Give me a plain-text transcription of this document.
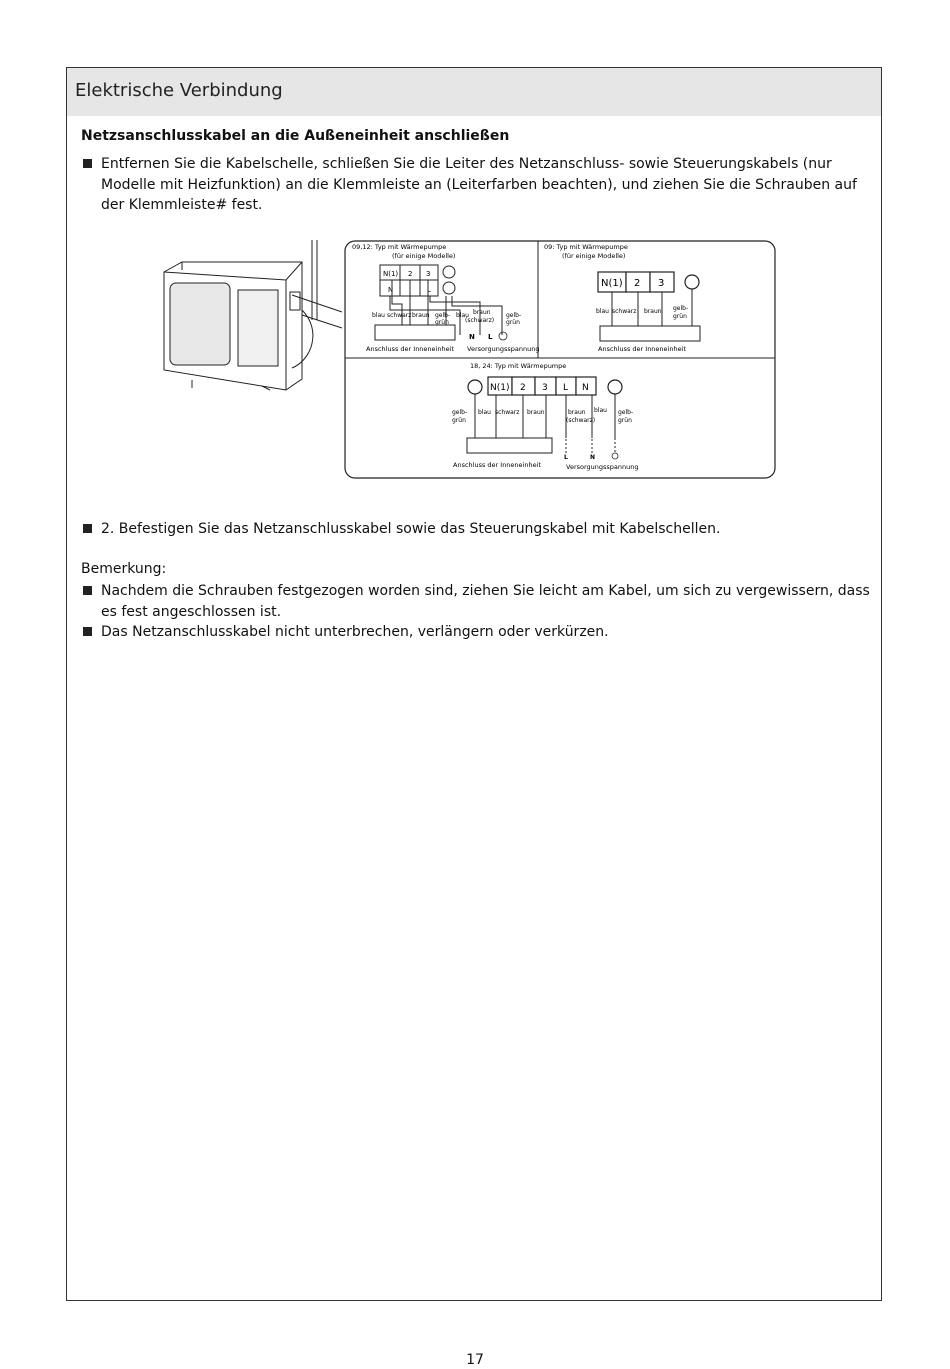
Elektrische Verbindung
Netzsanschlusskabel an die Außeneinheit anschließen
Entfernen Sie die Kabelschelle, schließen Sie die Leiter des Netzanschluss- sowie Steuerungskabels (nur Modelle mit Heizfunktion) an die Klemmleiste an (Leiterfarben beachten), und ziehen Sie die Schrauben auf der Klemmleiste# fest.
09,12: Typ mit Wärmepumpe
(für einige Modelle)
N(1) 2 3
N	L
blau schwarz braun gelb-
grün
blau braun
(schwarz)
gelb-
grün
N L
Anschluss der Inneneinheit Versorgungsspannung
09: Typ mit Wärmepumpe
(für einige Modelle)
N(1) 2 3
blau schwarz braun gelb-
grün
Anschluss der Inneneinheit
18, 24: Typ mit Wärmepumpe
N(1) 2 3 L N
gelb-
grün
blau schwarz braun	braun
(schwarz)
blau gelb-
grün
L	N
Anschluss der Inneneinheit	Versorgungsspannung
2. Befestigen Sie das Netzanschlusskabel sowie das Steuerungskabel mit Kabelschellen.
Bemerkung:
Nachdem die Schrauben festgezogen worden sind, ziehen Sie leicht am Kabel, um sich zu vergewissern, dass es fest angeschlossen ist.
Das Netzanschlusskabel nicht unterbrechen, verlängern oder verkürzen.
17
